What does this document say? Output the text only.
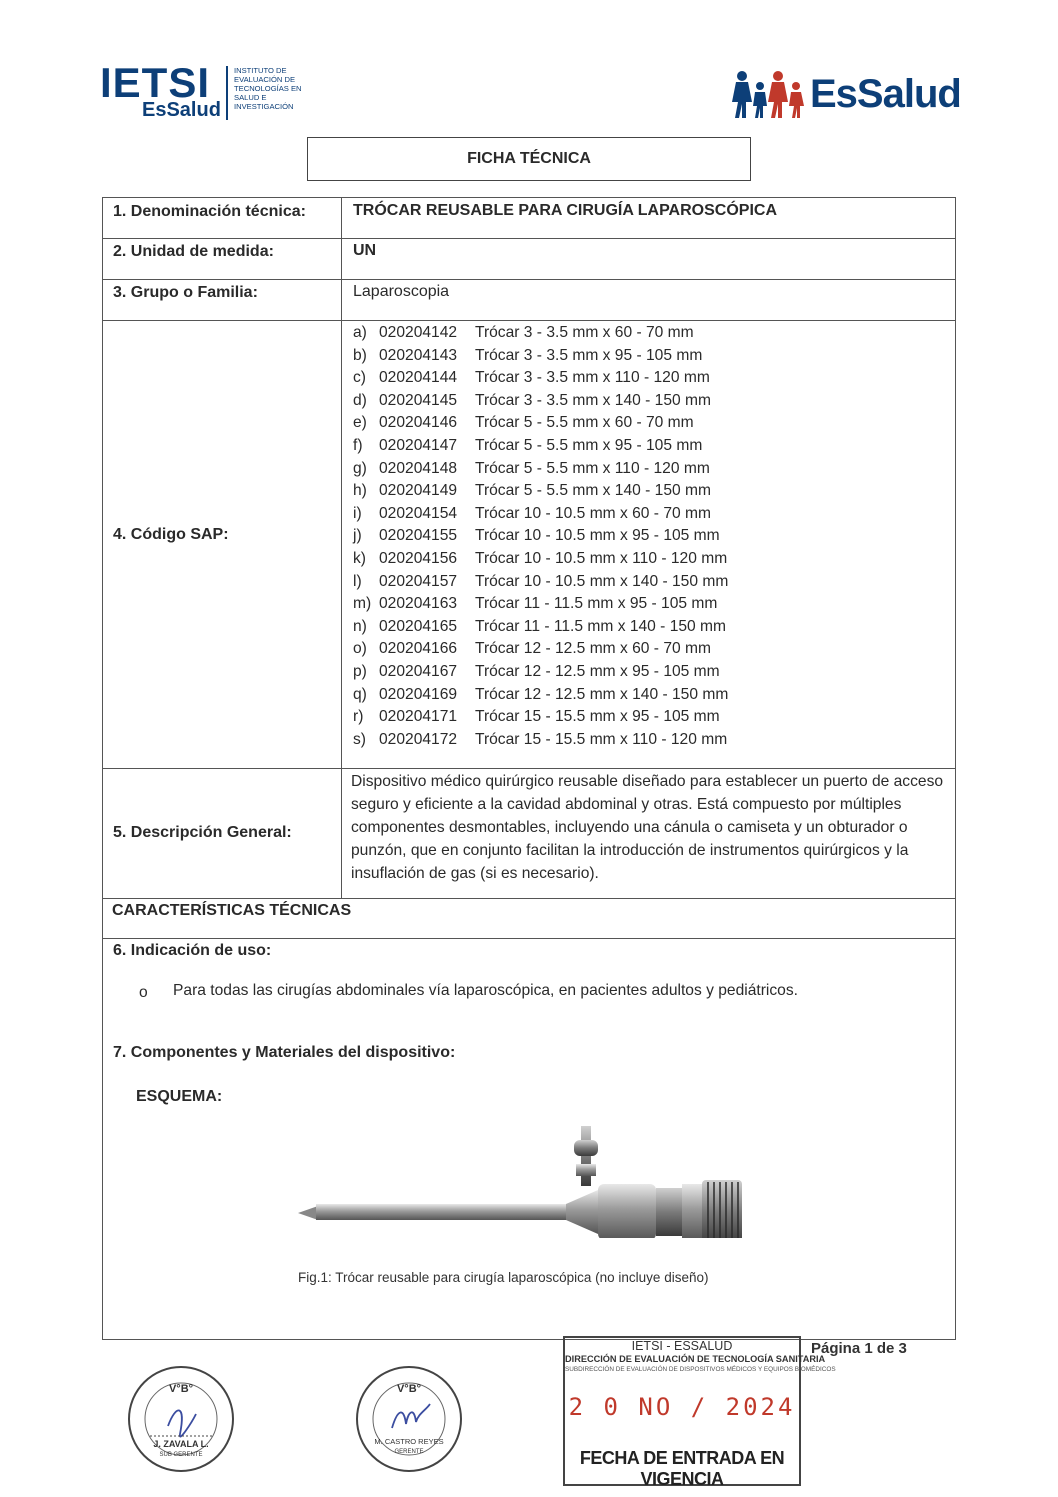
IETSI
EsSalud
INSTITUTO DE
EVALUACIÓN DE
TECNOLOGÍAS EN
SALUD E
INVESTIGACIÓN	EsSalud
FICHA TÉCNICA
1. Denominación técnica:	TRÓCAR REUSABLE PARA CIRUGÍA LAPAROSCÓPICA
2. Unidad de medida:	UN
3. Grupo o Familia:	Laparoscopia
4. Código SAP:
a) 020204142 Trócar 3 - 3.5 mm x 60 - 70 mm
b) 020204143 Trócar 3 - 3.5 mm x 95 - 105 mm
c) 020204144 Trócar 3 - 3.5 mm x 110 - 120 mm
d) 020204145 Trócar 3 - 3.5 mm x 140 - 150 mm
e) 020204146 Trócar 5 - 5.5 mm x 60 - 70 mm
f) 020204147 Trócar 5 - 5.5 mm x 95 - 105 mm
g) 020204148 Trócar 5 - 5.5 mm x 110 - 120 mm
h) 020204149 Trócar 5 - 5.5 mm x 140 - 150 mm
i) 020204154 Trócar 10 - 10.5 mm x 60 - 70 mm
j) 020204155 Trócar 10 - 10.5 mm x 95 - 105 mm
k) 020204156 Trócar 10 - 10.5 mm x 110 - 120 mm
l) 020204157 Trócar 10 - 10.5 mm x 140 - 150 mm
m) 020204163 Trócar 11 - 11.5 mm x 95 - 105 mm
n) 020204165 Trócar 11 - 11.5 mm x 140 - 150 mm
o) 020204166 Trócar 12 - 12.5 mm x 60 - 70 mm
p) 020204167 Trócar 12 - 12.5 mm x 95 - 105 mm
q) 020204169 Trócar 12 - 12.5 mm x 140 - 150 mm
r) 020204171 Trócar 15 - 15.5 mm x 95 - 105 mm
s) 020204172 Trócar 15 - 15.5 mm x 110 - 120 mm
5. Descripción General:
Dispositivo médico quirúrgico reusable diseñado para establecer un puerto de acceso seguro y eficiente a la cavidad abdominal y otras. Está compuesto por múltiples componentes desmontables, incluyendo una cánula o camiseta y un obturador o punzón, que en conjunto facilitan la introducción de instrumentos quirúrgicos y la insuflación de gas (si es necesario).
CARACTERÍSTICAS TÉCNICAS
6. Indicación de uso:
o Para todas las cirugías abdominales vía laparoscópica, en pacientes adultos y pediátricos.
7. Componentes y Materiales del dispositivo:
ESQUEMA:
Fig.1: Trócar reusable para cirugía laparoscópica (no incluye diseño)
V°B°
J. ZAVALA L.
SUB GERENTE
V°B°
M. CASTRO REYES
GERENTE
IETSI - ESSALUD
DIRECCIÓN DE EVALUACIÓN DE TECNOLOGÍA SANITARIA
SUBDIRECCIÓN DE EVALUACIÓN DE DISPOSITIVOS MÉDICOS Y EQUIPOS BIOMÉDICOS
2 0 NO / 2024
FECHA DE ENTRADA EN VIGENCIA
Página 1 de 3
